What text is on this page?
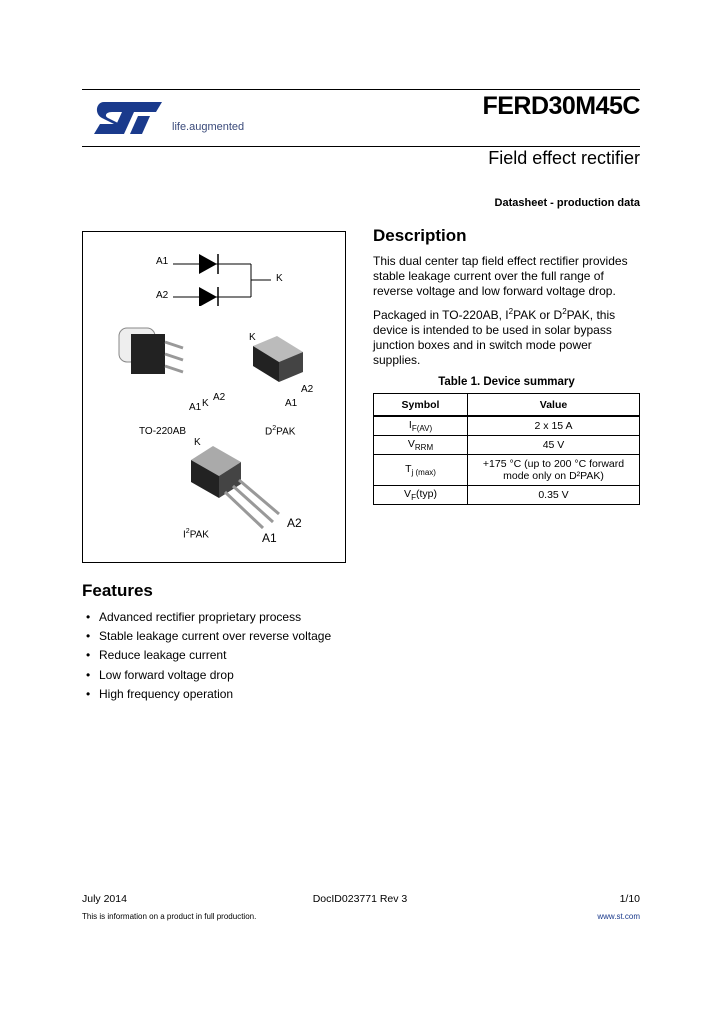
life.augmented
FERD30M45C
Field effect rectifier
Datasheet - production data
A1
A2
K
A1 K
A2
TO-220AB
K
A2
A1
$D^2PAK$
K
A2
A1
$I^2PAK$
Description
This dual center tap field effect rectifier provides stable leakage current over the full range of reverse voltage and low forward voltage drop.
Packaged in TO-220AB, $I^2PAK$ or $D^2PAK$, this device is intended to be used in solar bypass junction boxes and in switch mode power supplies.
Table 1. Device summary
Symbol	Value
$I_{F(AV)}$	2 x 15 A
$V_{RRM}$	45 V
$T_{j (max)}$	+175 °C (up to 200 °C forward mode only on D²PAK)
$V_F(typ)$	0.35 V
Features
• Advanced rectifier proprietary process
• Stable leakage current over reverse voltage
• Reduce leakage current
• Low forward voltage drop
• High frequency operation
July 2014	DocID023771 Rev 3	1/10
This is information on a product in full production.	www.st.com
